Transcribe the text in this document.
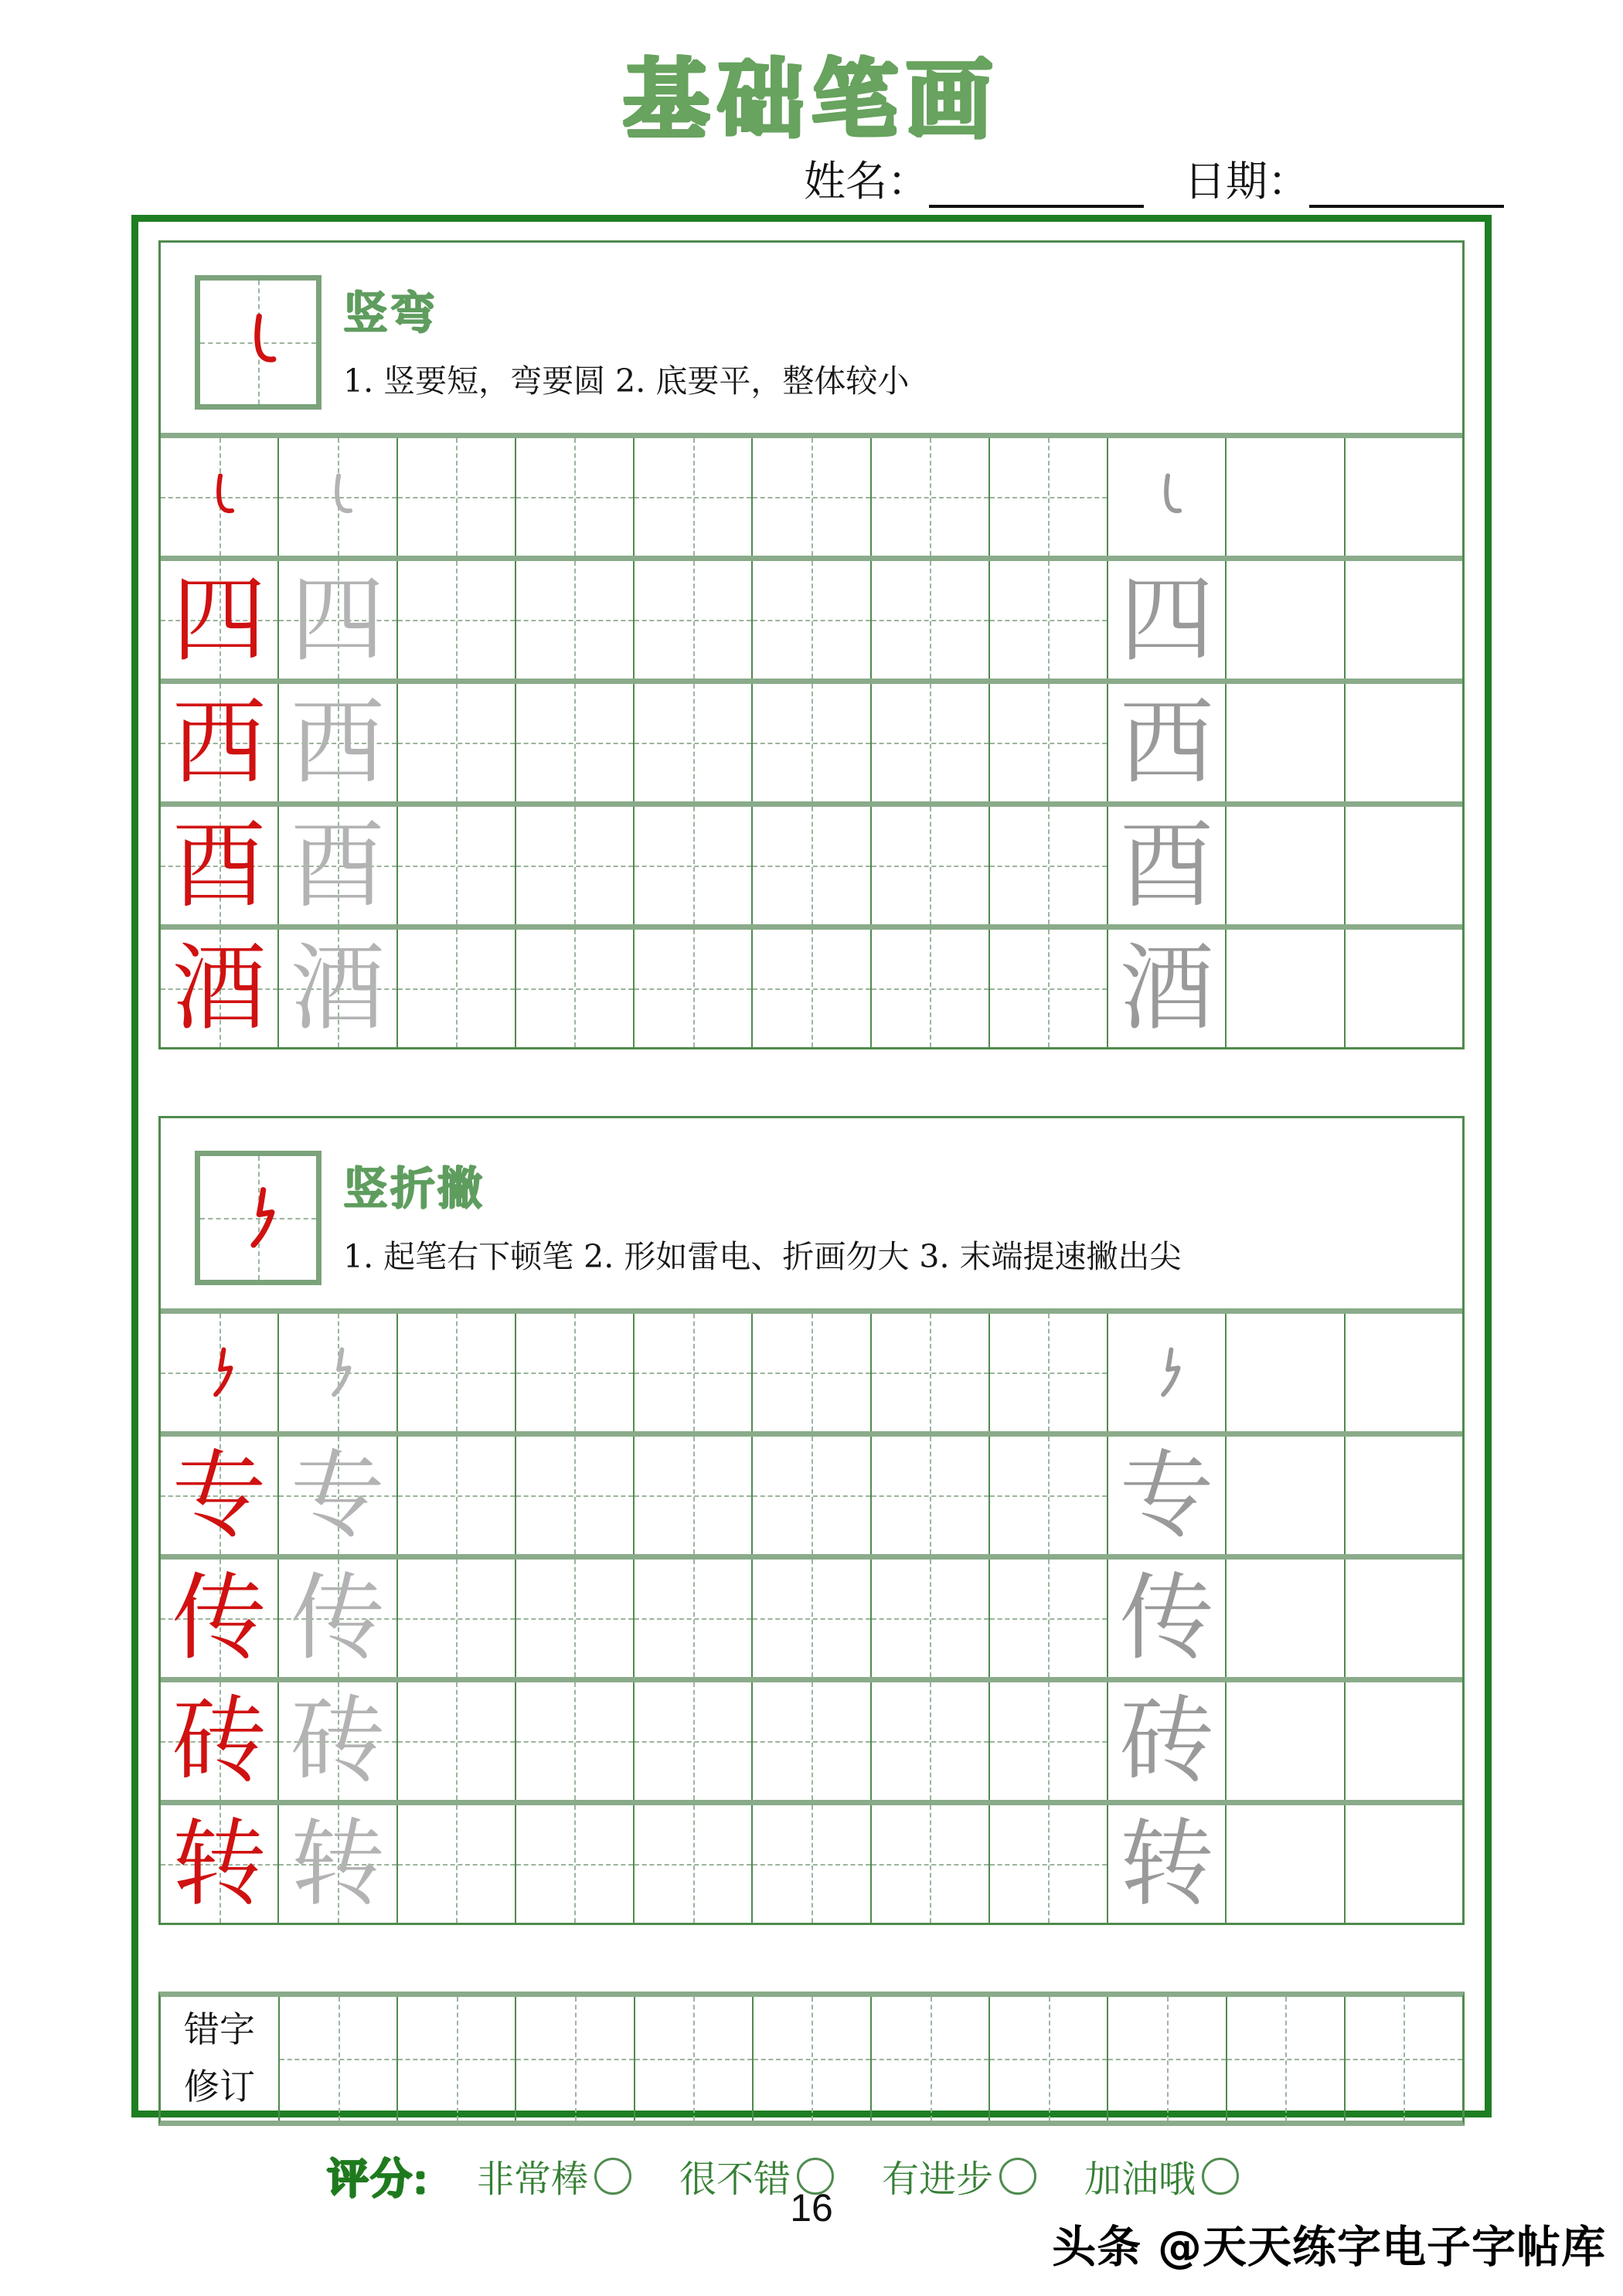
基础笔画
姓名：	日期：
竖弯
1. 竖要短，弯要圆 2. 底要平，整体较小
四 四	四
西 西	西
酉 酉	酉
酒 酒	酒
竖折撇
1. 起笔右下顿笔 2. 形如雷电、折画勿大 3. 末端提速撇出尖
专 专	专
传 传	传
砖 砖	砖
转 转	转
错字
修订
评分: 非常棒	很不错	有进步	加油哦
16
头条 @天天练字电子字帖库
